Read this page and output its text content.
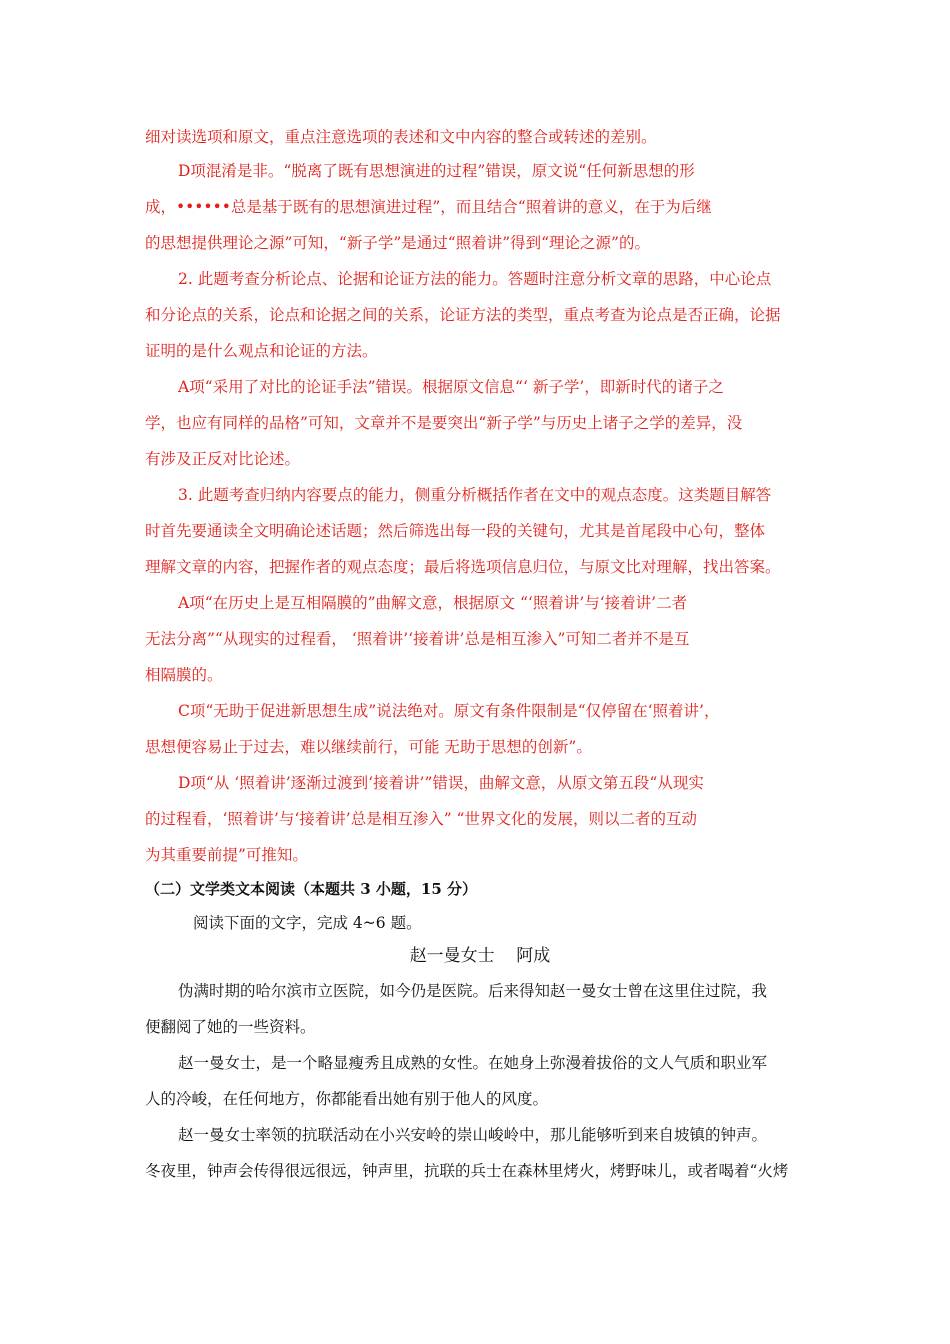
细对读选项和原文，重点注意选项的表述和文中内容的整合或转述的差别。
D项混淆是非。“脱离了既有思想演进的过程”错误，原文说“任何新思想的形
成，••••••总是基于既有的思想演进过程”，而且结合“照着讲的意义，在于为后继
的思想提供理论之源”可知，“新子学”是通过“照着讲”得到“理论之源”的。
2. 此题考查分析论点、论据和论证方法的能力。答题时注意分析文章的思路，中心论点
和分论点的关系，论点和论据之间的关系，论证方法的类型，重点考查为论点是否正确，论据
证明的是什么观点和论证的方法。
A项“采用了对比的论证手法”错误。根据原文信息“‘ 新子学’，即新时代的诸子之
学，也应有同样的品格”可知，文章并不是要突出“新子学”与历史上诸子之学的差异，没
有涉及正反对比论述。
3. 此题考查归纳内容要点的能力，侧重分析概括作者在文中的观点态度。这类题目解答
时首先要通读全文明确论述话题；然后筛选出每一段的关键句，尤其是首尾段中心句，整体
理解文章的内容，把握作者的观点态度；最后将选项信息归位，与原文比对理解，找出答案。
A项“在历史上是互相隔膜的”曲解文意，根据原文 “‘照着讲’与‘接着讲’二者
无法分离”“从现实的过程看， ‘照着讲’‘接着讲’总是相互渗入”可知二者并不是互
相隔膜的。
C项“无助于促进新思想生成”说法绝对。原文有条件限制是“仅停留在‘照着讲’，
思想便容易止于过去，难以继续前行，可能 无助于思想的创新”。
D项“从 ‘照着讲’逐渐过渡到‘接着讲’”错误，曲解文意，从原文第五段“从现实
的过程看，‘照着讲’与‘接着讲’总是相互渗入” “世界文化的发展，则以二者的互动
为其重要前提”可推知。
（二）文学类文本阅读（本题共 3 小题，15 分）
阅读下面的文字，完成 4~6 题。
赵一曼女士    阿成
伪满时期的哈尔滨市立医院，如今仍是医院。后来得知赵一曼女士曾在这里住过院，我
便翻阅了她的一些资料。
赵一曼女士，是一个略显瘦秀且成熟的女性。在她身上弥漫着拔俗的文人气质和职业军
人的冷峻，在任何地方，你都能看出她有别于他人的风度。
赵一曼女士率领的抗联活动在小兴安岭的崇山峻岭中，那儿能够听到来自坡镇的钟声。
冬夜里，钟声会传得很远很远，钟声里，抗联的兵士在森林里烤火，烤野味儿，或者喝着“火烤
